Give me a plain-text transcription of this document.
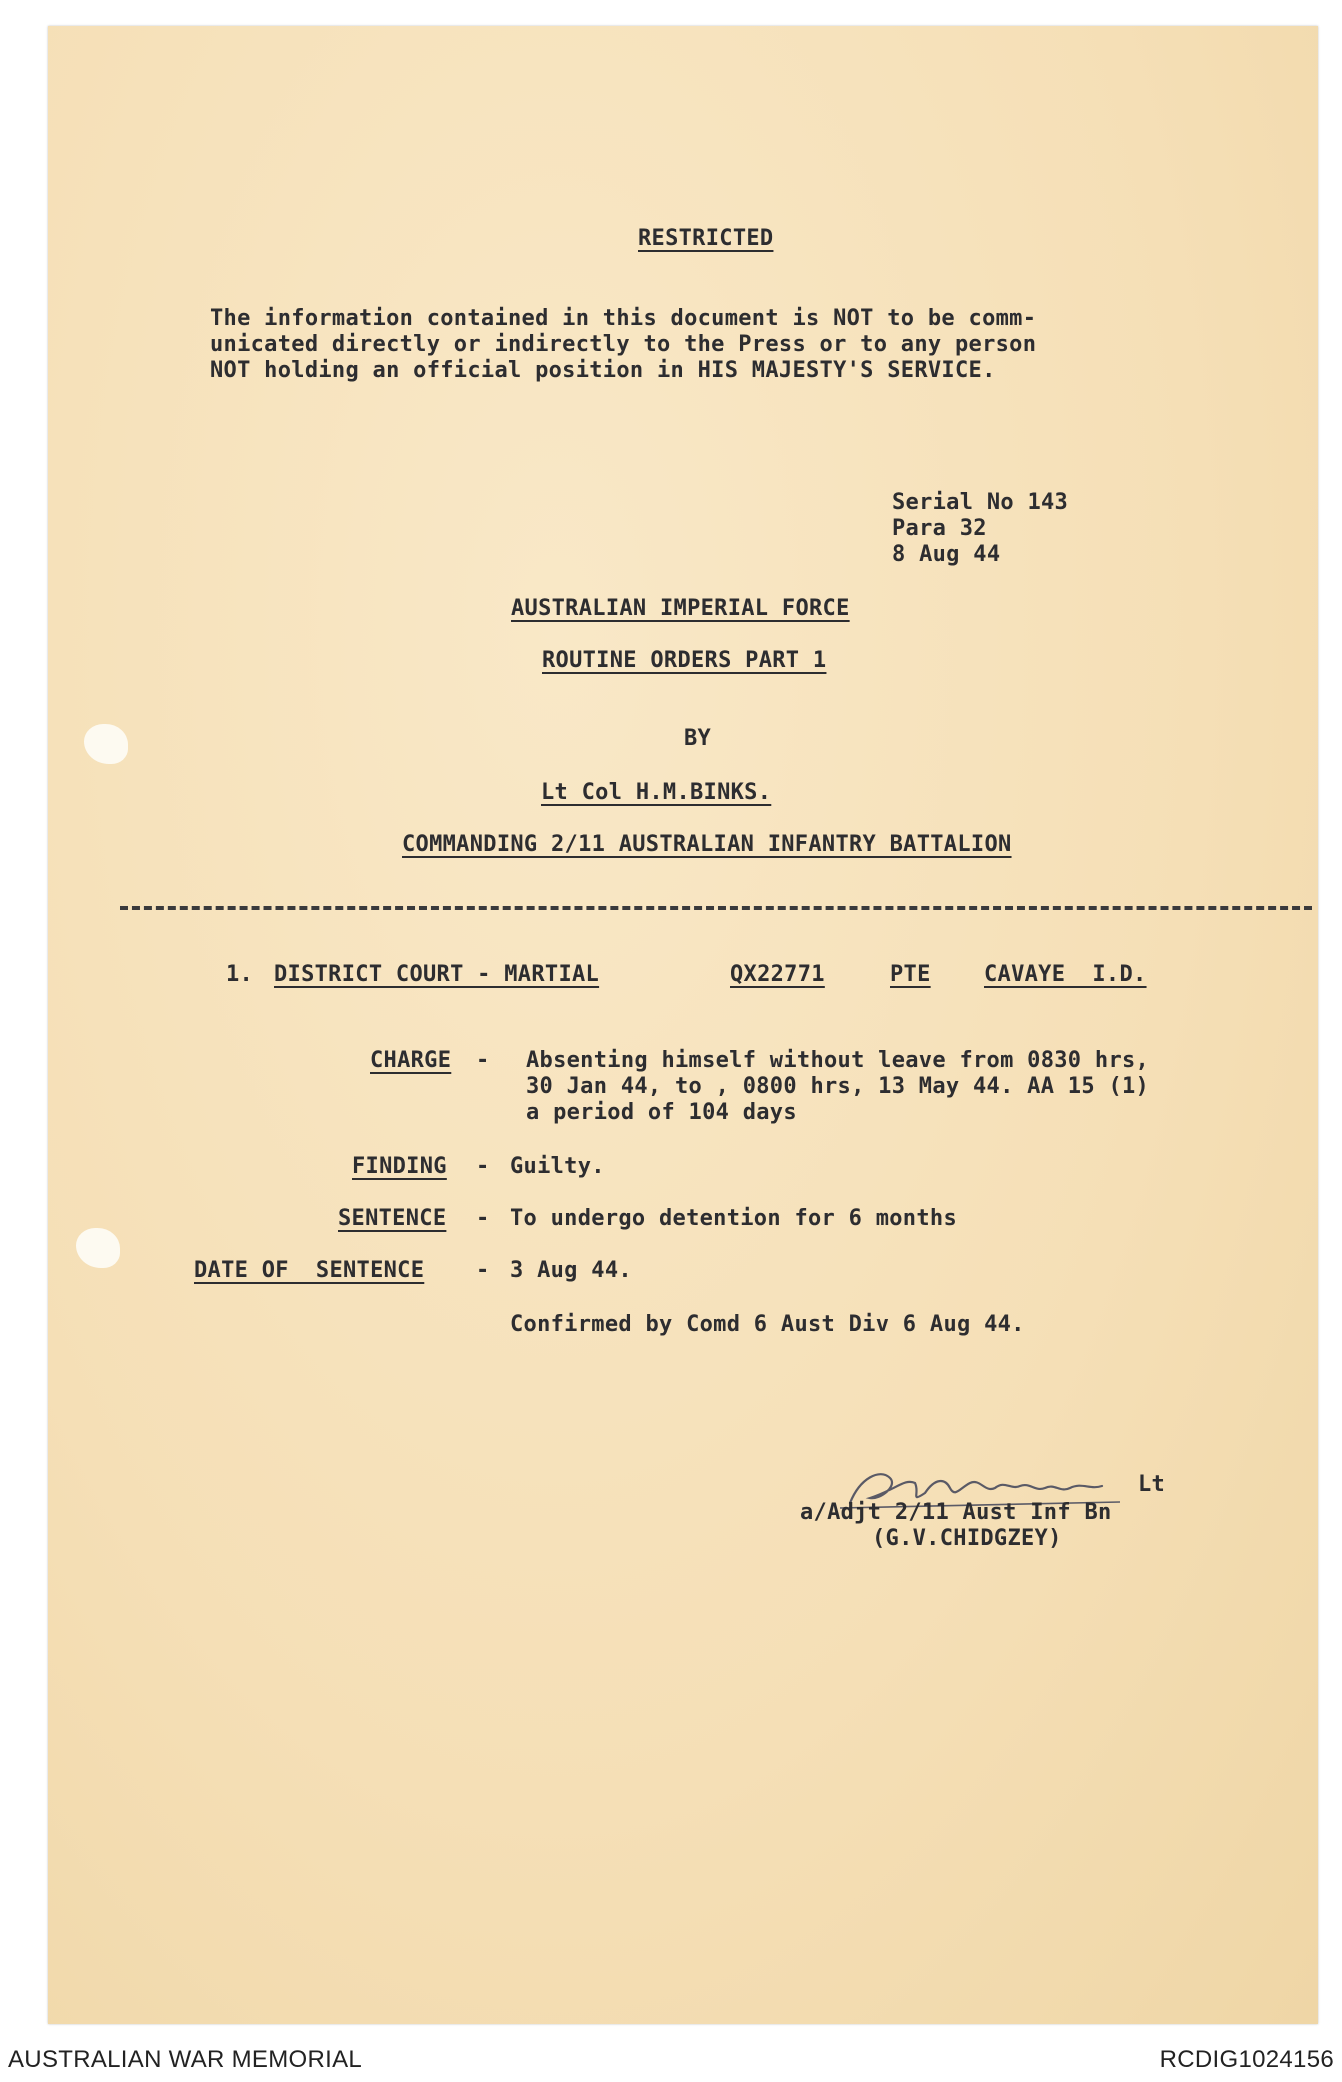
RESTRICTED
The information contained in this document is NOT to be comm-
unicated directly or indirectly to the Press or to any person
NOT holding an official position in HIS MAJESTY'S SERVICE.
Serial No 143
Para 32
8 Aug 44
AUSTRALIAN IMPERIAL FORCE
ROUTINE ORDERS PART 1
BY
Lt Col H.M.BINKS.
COMMANDING 2/11 AUSTRALIAN INFANTRY BATTALION
1. DISTRICT COURT - MARTIAL	QX22771	PTE CAVAYE  I.D.
CHARGE - Absenting himself without leave from 0830 hrs,
30 Jan 44, to , 0800 hrs, 13 May 44. AA 15 (1)
a period of 104 days
FINDING - Guilty.
SENTENCE - To undergo detention for 6 months
DATE OF  SENTENCE - 3 Aug 44.
Confirmed by Comd 6 Aust Div 6 Aug 44.
Lt
a/Adjt 2/11 Aust Inf Bn
(G.V.CHIDGZEY)
AUSTRALIAN WAR MEMORIAL	RCDIG1024156
